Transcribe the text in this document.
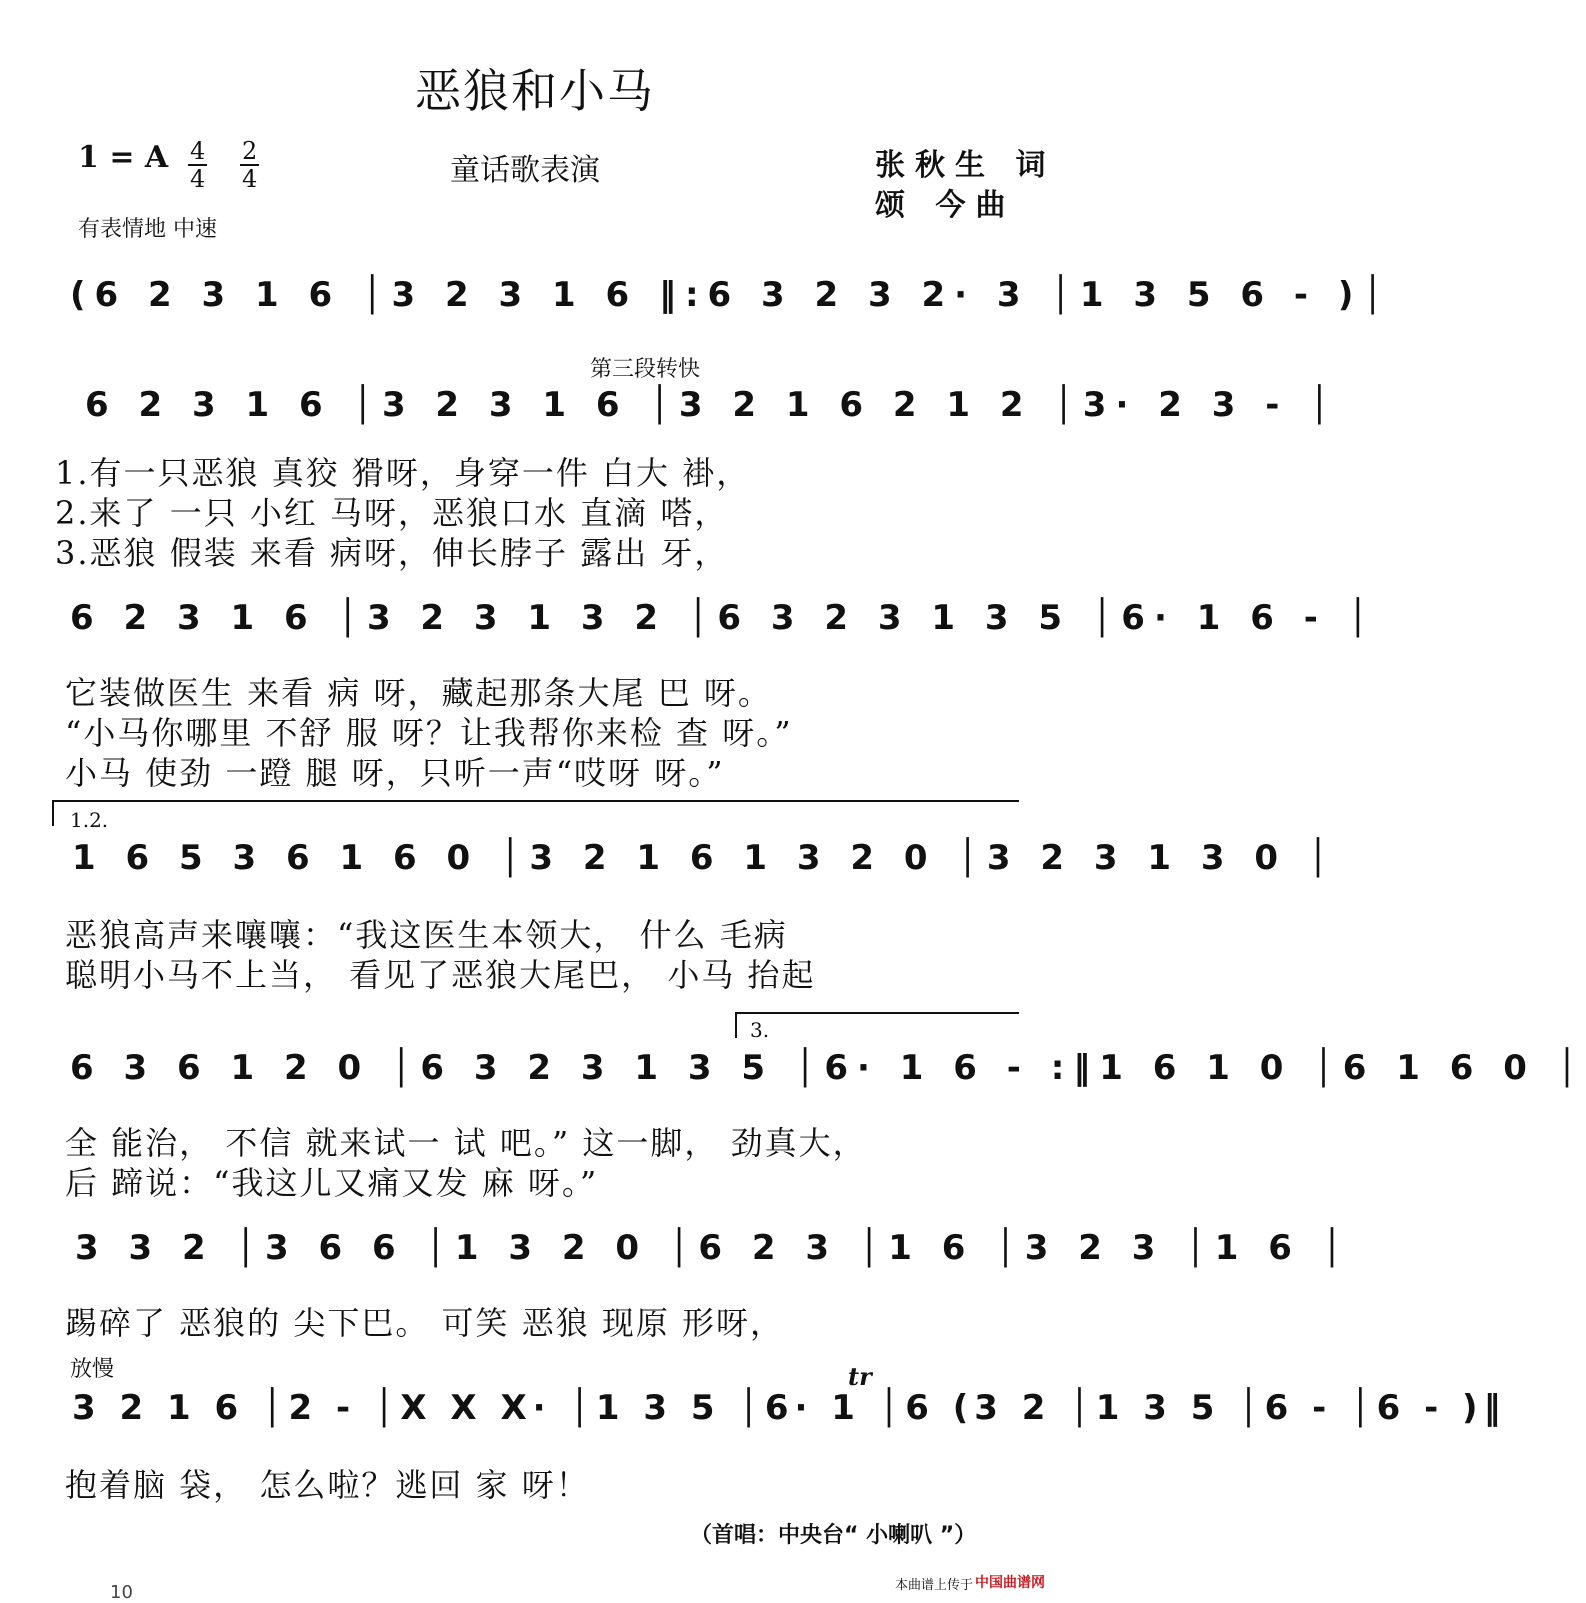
恶狼和小马
1 = A 4
4
2
4	童话歌表演	张秋生 词
颂 今曲
有表情地 中速
(6 2 3 1 6 │3 2 3 1 6 ‖:6 3 2 3 2· 3 │1 3 5 6 - )│
第三段转快
6 2 3 1 6 │3 2 3 1 6 │3 2 1 6 2 1 2 │3· 2 3 - │
1.有一只恶狼 真狡 猾呀，身穿一件 白大 褂，
2.来了 一只 小红 马呀，恶狼口水 直滴 嗒，
3.恶狼 假装 来看 病呀，伸长脖子 露出 牙，
6 2 3 1 6 │3 2 3 1 3 2 │6 3 2 3 1 3 5 │6· 1 6 - │
它装做医生 来看 病 呀，藏起那条大尾 巴 呀。
“小马你哪里 不舒 服 呀？让我帮你来检 查 呀。”
小马 使劲 一蹬 腿 呀，只听一声“哎呀 呀。”
1.2.
1 6 5 3 6 1 6 0 │3 2 1 6 1 3 2 0 │3 2 3 1 3 0 │
恶狼高声来嚷嚷：“我这医生本领大， 什么 毛病
聪明小马不上当， 看见了恶狼大尾巴， 小马 抬起
3.
6 3 6 1 2 0 │6 3 2 3 1 3 5 │6· 1 6 - :‖1 6 1 0 │6 1 6 0 │
全 能治， 不信 就来试一 试 吧。” 这一脚， 劲真大，
后 蹄说：“我这儿又痛又发 麻 呀。”
3 3 2 │3 6 6 │1 3 2 0 │6 2 3 │1 6 │3 2 3 │1 6 │
踢碎了 恶狼的 尖下巴。 可笑 恶狼 现原 形呀，
放慢	tr
3 2 1 6 │2 - │X X X· │1 3 5 │6· 1 │6 (3 2 │1 3 5 │6 - │6 - )‖
抱着脑 袋， 怎么啦？逃回 家 呀！
（首唱：中央台“ 小喇叭 ”）
本曲谱上传于 中国曲谱网
10
